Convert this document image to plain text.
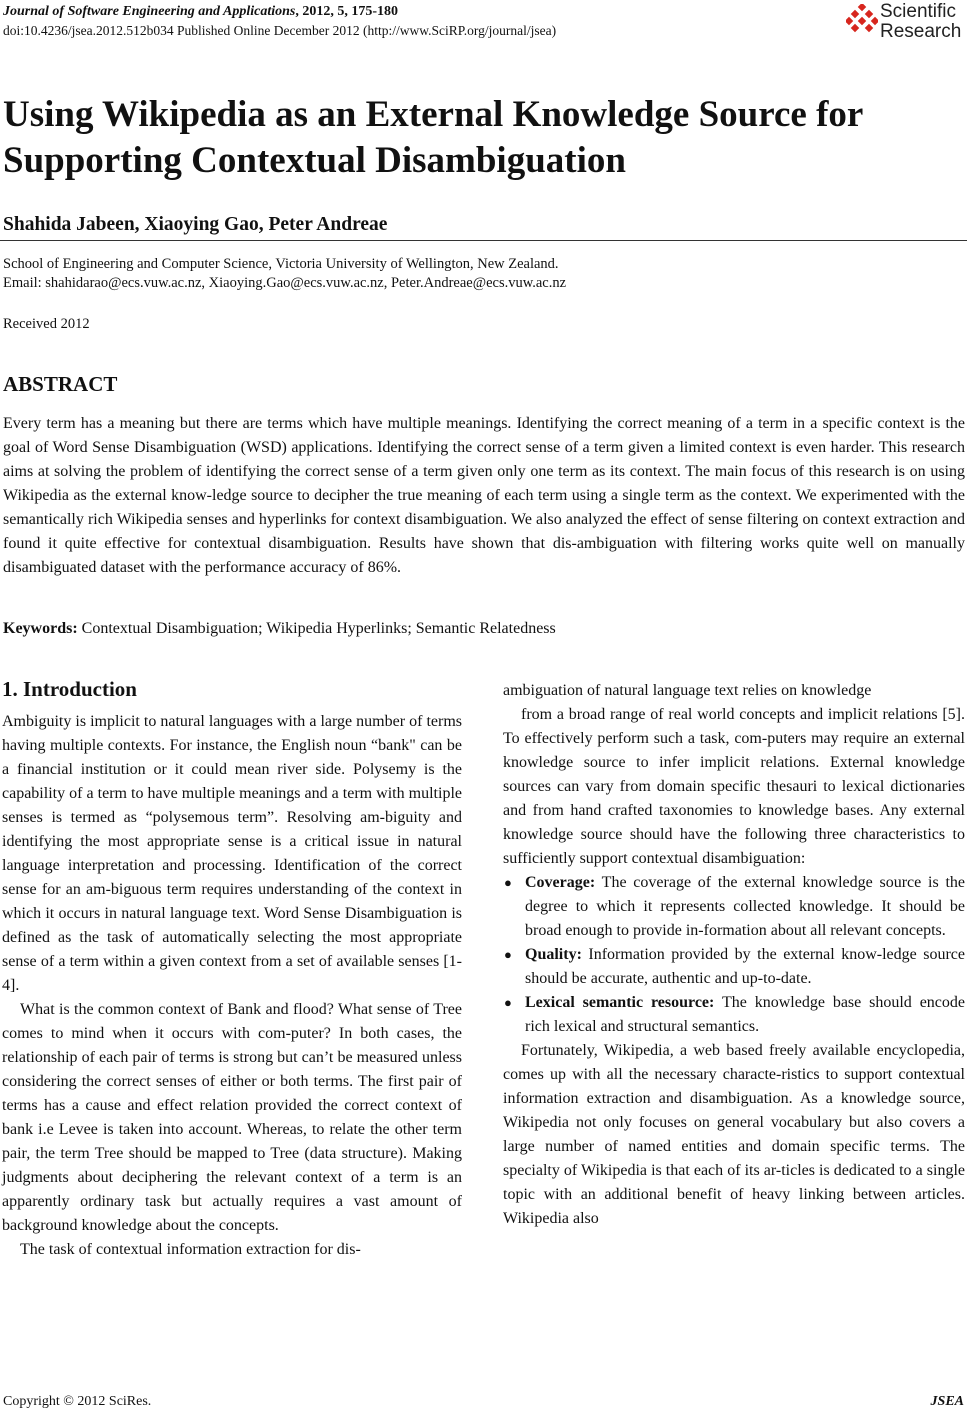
Journal of Software Engineering and Applications, 2012, 5, 175-180
doi:10.4236/jsea.2012.512b034 Published Online December 2012 (http://www.SciRP.org/journal/jsea)
Scientific
Research
Using Wikipedia as an External Knowledge Source for Supporting Contextual Disambiguation
Shahida Jabeen, Xiaoying Gao, Peter Andreae
School of Engineering and Computer Science, Victoria University of Wellington, New Zealand.
Email: shahidarao@ecs.vuw.ac.nz, Xiaoying.Gao@ecs.vuw.ac.nz, Peter.Andreae@ecs.vuw.ac.nz
Received 2012
ABSTRACT

Every term has a meaning but there are terms which have multiple meanings. Identifying the correct meaning of a term in a specific context is the goal of Word Sense Disambiguation (WSD) applications. Identifying the correct sense of a term given a limited context is even harder. This research aims at solving the problem of identifying the correct sense of a term given only one term as its context. The main focus of this research is on using Wikipedia as the external know-ledge source to decipher the true meaning of each term using a single term as the context. We experimented with the semantically rich Wikipedia senses and hyperlinks for context disambiguation. We also analyzed the effect of sense filtering on context extraction and found it quite effective for contextual disambiguation. Results have shown that dis-ambiguation with filtering works quite well on manually disambiguated dataset with the performance accuracy of 86%.

Keywords: Contextual Disambiguation; Wikipedia Hyperlinks; Semantic Relatedness
1. Introduction

Ambiguity is implicit to natural languages with a large number of terms having multiple contexts. For instance, the English noun “bank" can be a financial institution or it could mean river side. Polysemy is the capability of a term to have multiple meanings and a term with multiple senses is termed as “polysemous term”. Resolving am-biguity and identifying the most appropriate sense is a critical issue in natural language interpretation and processing. Identification of the correct sense for an am-biguous term requires understanding of the context in which it occurs in natural language text. Word Sense Disambiguation is defined as the task of automatically selecting the most appropriate sense of a term within a given context from a set of available senses [1-4].

What is the common context of Bank and flood? What sense of Tree comes to mind when it occurs with com-puter? In both cases, the relationship of each pair of terms is strong but can’t be measured unless considering the correct senses of either or both terms. The first pair of terms has a cause and effect relation provided the correct context of bank i.e Levee is taken into account. Whereas, to relate the other term pair, the term Tree should be mapped to Tree (data structure). Making judgments about deciphering the relevant context of a term is an apparently ordinary task but actually requires a vast amount of background knowledge about the concepts.

The task of contextual information extraction for dis-

ambiguation of natural language text relies on knowledge

from a broad range of real world concepts and implicit relations [5]. To effectively perform such a task, com-puters may require an external knowledge source to infer implicit relations. External knowledge sources can vary from domain specific thesauri to lexical dictionaries and from hand crafted taxonomies to knowledge bases. Any external knowledge source should have the following three characteristics to sufficiently support contextual disambiguation:

● Coverage: The coverage of the external knowledge source is the degree to which it represents collected knowledge. It should be broad enough to provide in-formation about all relevant concepts.
● Quality: Information provided by the external know-ledge source should be accurate, authentic and up-to-date.
● Lexical semantic resource: The knowledge base should encode rich lexical and structural semantics.

Fortunately, Wikipedia, a web based freely available encyclopedia, comes up with all the necessary characte-ristics to support contextual information extraction and disambiguation. As a knowledge source, Wikipedia not only focuses on general vocabulary but also covers a large number of named entities and domain specific terms. The specialty of Wikipedia is that each of its ar-ticles is dedicated to a single topic with an additional benefit of heavy linking between articles. Wikipedia also

Copyright © 2012 SciRes.	JSEA
